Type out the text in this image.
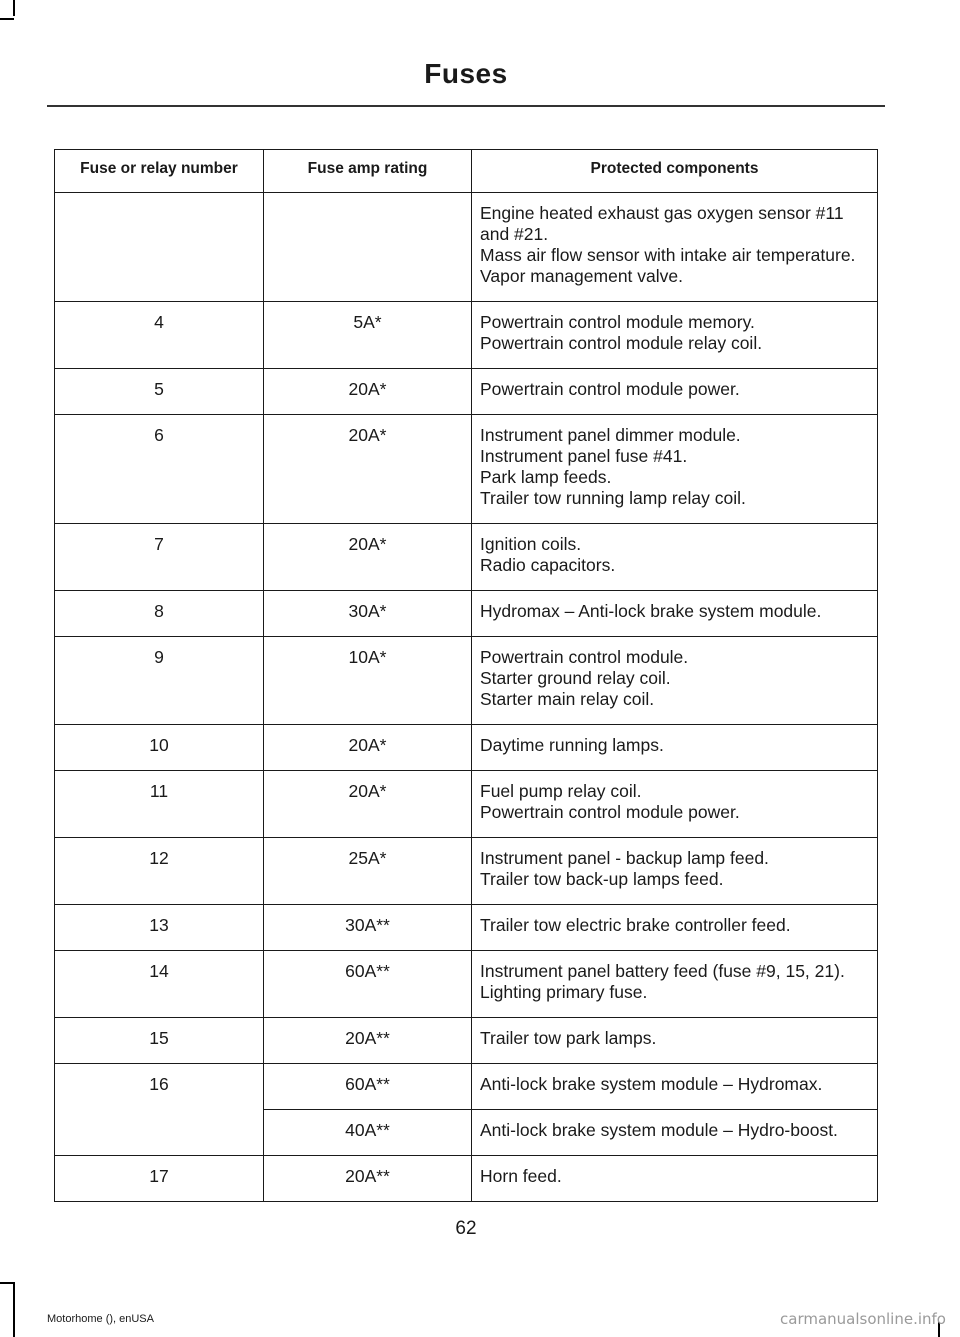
Fuses
Fuse or relay number	Fuse amp rating	Protected components

		Engine heated exhaust gas oxygen sensor #11 and #21.
Mass air flow sensor with intake air temperature.
Vapor management valve.

4	5A*	Powertrain control module memory.
Powertrain control module relay coil.

5	20A*	Powertrain control module power.

6	20A*	Instrument panel dimmer module.
Instrument panel fuse #41.
Park lamp feeds.
Trailer tow running lamp relay coil.

7	20A*	Ignition coils.
Radio capacitors.

8	30A*	Hydromax – Anti-lock brake system module.

9	10A*	Powertrain control module.
Starter ground relay coil.
Starter main relay coil.

10	20A*	Daytime running lamps.

11	20A*	Fuel pump relay coil.
Powertrain control module power.

12	25A*	Instrument panel - backup lamp feed.
Trailer tow back-up lamps feed.

13	30A**	Trailer tow electric brake controller feed.

14	60A**	Instrument panel battery feed (fuse #9, 15, 21).
Lighting primary fuse.

15	20A**	Trailer tow park lamps.

16	60A**	Anti-lock brake system module – Hydromax.

	40A**	Anti-lock brake system module – Hydro-boost.

17	20A**	Horn feed.
62
Motorhome (), enUSA	carmanualsonline.info
